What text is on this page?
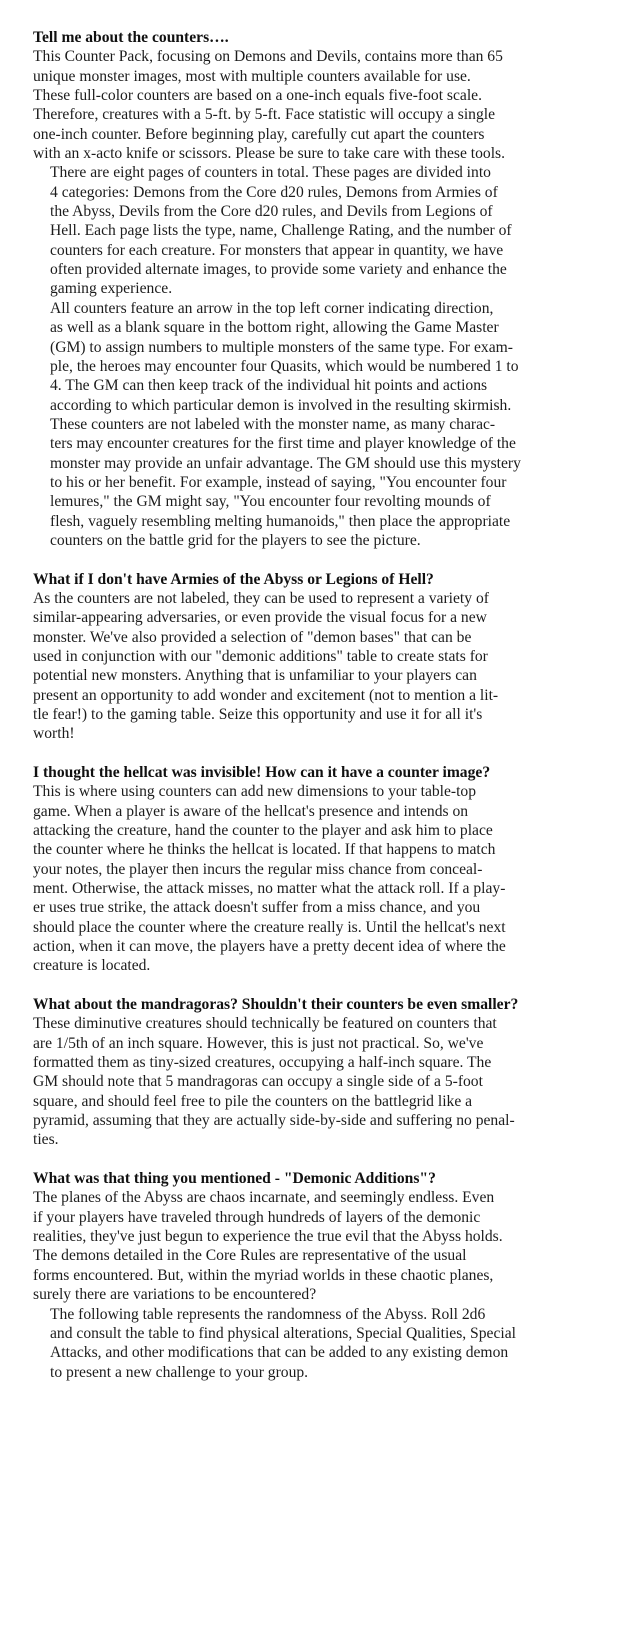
Tell me about the counters….
This Counter Pack, focusing on Demons and Devils, contains more than 65
unique monster images, most with multiple counters available for use.
These full-color counters are based on a one-inch equals five-foot scale.
Therefore, creatures with a 5-ft. by 5-ft. Face statistic will occupy a single
one-inch counter. Before beginning play, carefully cut apart the counters
with an x-acto knife or scissors. Please be sure to take care with these tools.
There are eight pages of counters in total. These pages are divided into
4 categories: Demons from the Core d20 rules, Demons from Armies of
the Abyss, Devils from the Core d20 rules, and Devils from Legions of
Hell. Each page lists the type, name, Challenge Rating, and the number of
counters for each creature. For monsters that appear in quantity, we have
often provided alternate images, to provide some variety and enhance the
gaming experience.
All counters feature an arrow in the top left corner indicating direction,
as well as a blank square in the bottom right, allowing the Game Master
(GM) to assign numbers to multiple monsters of the same type. For exam-
ple, the heroes may encounter four Quasits, which would be numbered 1 to
4. The GM can then keep track of the individual hit points and actions
according to which particular demon is involved in the resulting skirmish.
These counters are not labeled with the monster name, as many charac-
ters may encounter creatures for the first time and player knowledge of the
monster may provide an unfair advantage. The GM should use this mystery
to his or her benefit. For example, instead of saying, "You encounter four
lemures," the GM might say, "You encounter four revolting mounds of
flesh, vaguely resembling melting humanoids," then place the appropriate
counters on the battle grid for the players to see the picture.
What if I don't have Armies of the Abyss or Legions of Hell?
As the counters are not labeled, they can be used to represent a variety of
similar-appearing adversaries, or even provide the visual focus for a new
monster. We've also provided a selection of "demon bases" that can be
used in conjunction with our "demonic additions" table to create stats for
potential new monsters. Anything that is unfamiliar to your players can
present an opportunity to add wonder and excitement (not to mention a lit-
tle fear!) to the gaming table. Seize this opportunity and use it for all it's
worth!
I thought the hellcat was invisible! How can it have a counter image?
This is where using counters can add new dimensions to your table-top
game. When a player is aware of the hellcat's presence and intends on
attacking the creature, hand the counter to the player and ask him to place
the counter where he thinks the hellcat is located. If that happens to match
your notes, the player then incurs the regular miss chance from conceal-
ment. Otherwise, the attack misses, no matter what the attack roll. If a play-
er uses true strike, the attack doesn't suffer from a miss chance, and you
should place the counter where the creature really is. Until the hellcat's next
action, when it can move, the players have a pretty decent idea of where the
creature is located.
What about the mandragoras? Shouldn't their counters be even smaller?
These diminutive creatures should technically be featured on counters that
are 1/5th of an inch square. However, this is just not practical. So, we've
formatted them as tiny-sized creatures, occupying a half-inch square. The
GM should note that 5 mandragoras can occupy a single side of a 5-foot
square, and should feel free to pile the counters on the battlegrid like a
pyramid, assuming that they are actually side-by-side and suffering no penal-
ties.
What was that thing you mentioned - "Demonic Additions"?
The planes of the Abyss are chaos incarnate, and seemingly endless. Even
if your players have traveled through hundreds of layers of the demonic
realities, they've just begun to experience the true evil that the Abyss holds.
The demons detailed in the Core Rules are representative of the usual
forms encountered. But, within the myriad worlds in these chaotic planes,
surely there are variations to be encountered?
The following table represents the randomness of the Abyss. Roll 2d6
and consult the table to find physical alterations, Special Qualities, Special
Attacks, and other modifications that can be added to any existing demon
to present a new challenge to your group.
